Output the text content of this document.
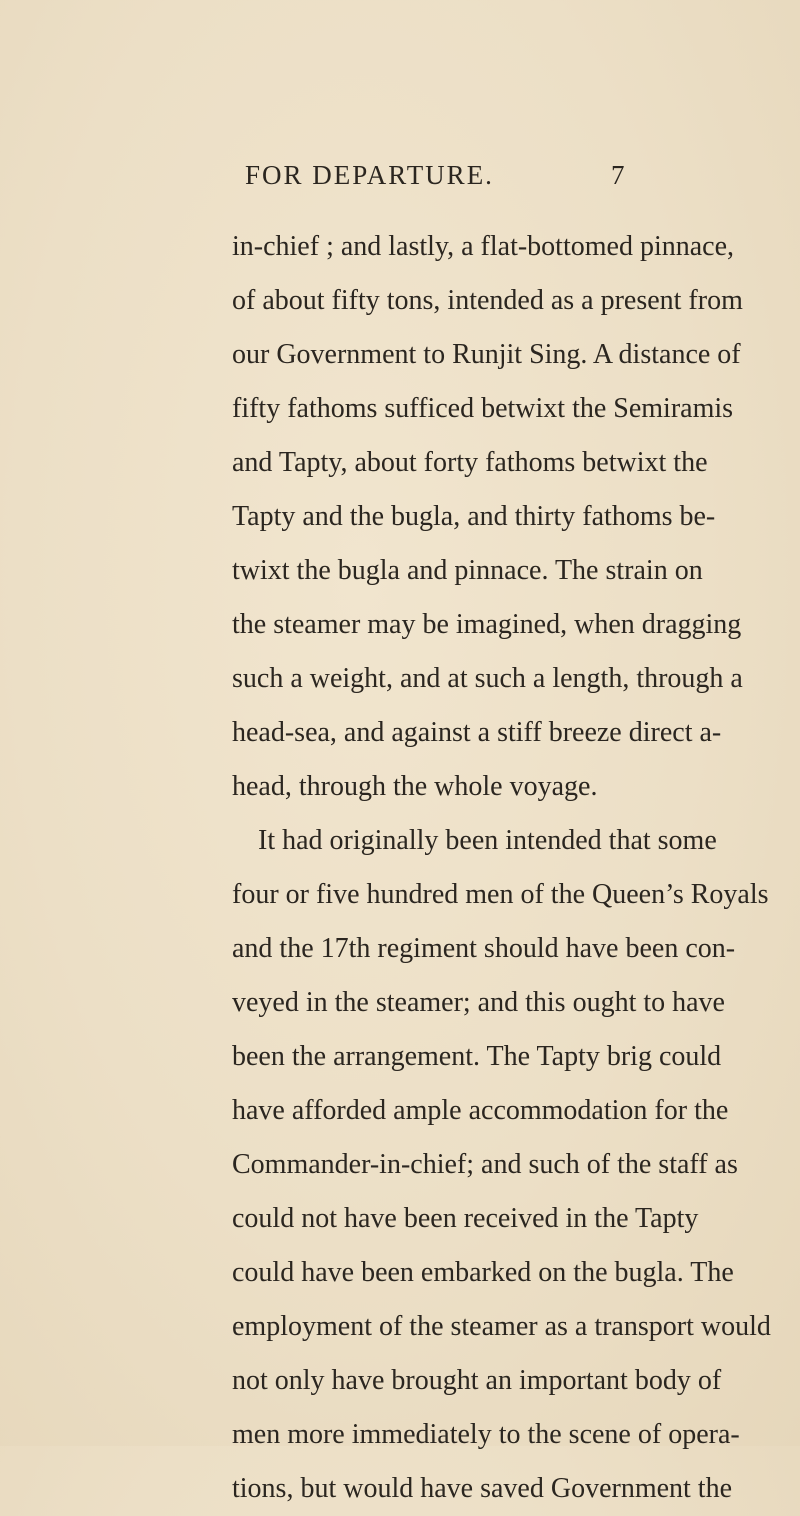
FOR DEPARTURE.	7
in-chief ; and lastly, a flat-bottomed pinnace,
of about fifty tons, intended as a present from
our Government to Runjit Sing. A distance of
fifty fathoms sufficed betwixt the Semiramis
and Tapty, about forty fathoms betwixt the
Tapty and the bugla, and thirty fathoms be-
twixt the bugla and pinnace. The strain on
the steamer may be imagined, when dragging
such a weight, and at such a length, through a
head-sea, and against a stiff breeze direct a-
head, through the whole voyage.
It had originally been intended that some
four or five hundred men of the Queen’s Royals
and the 17th regiment should have been con-
veyed in the steamer; and this ought to have
been the arrangement. The Tapty brig could
have afforded ample accommodation for the
Commander-in-chief; and such of the staff as
could not have been received in the Tapty
could have been embarked on the bugla. The
employment of the steamer as a transport would
not only have brought an important body of
men more immediately to the scene of opera-
tions, but would have saved Government the
